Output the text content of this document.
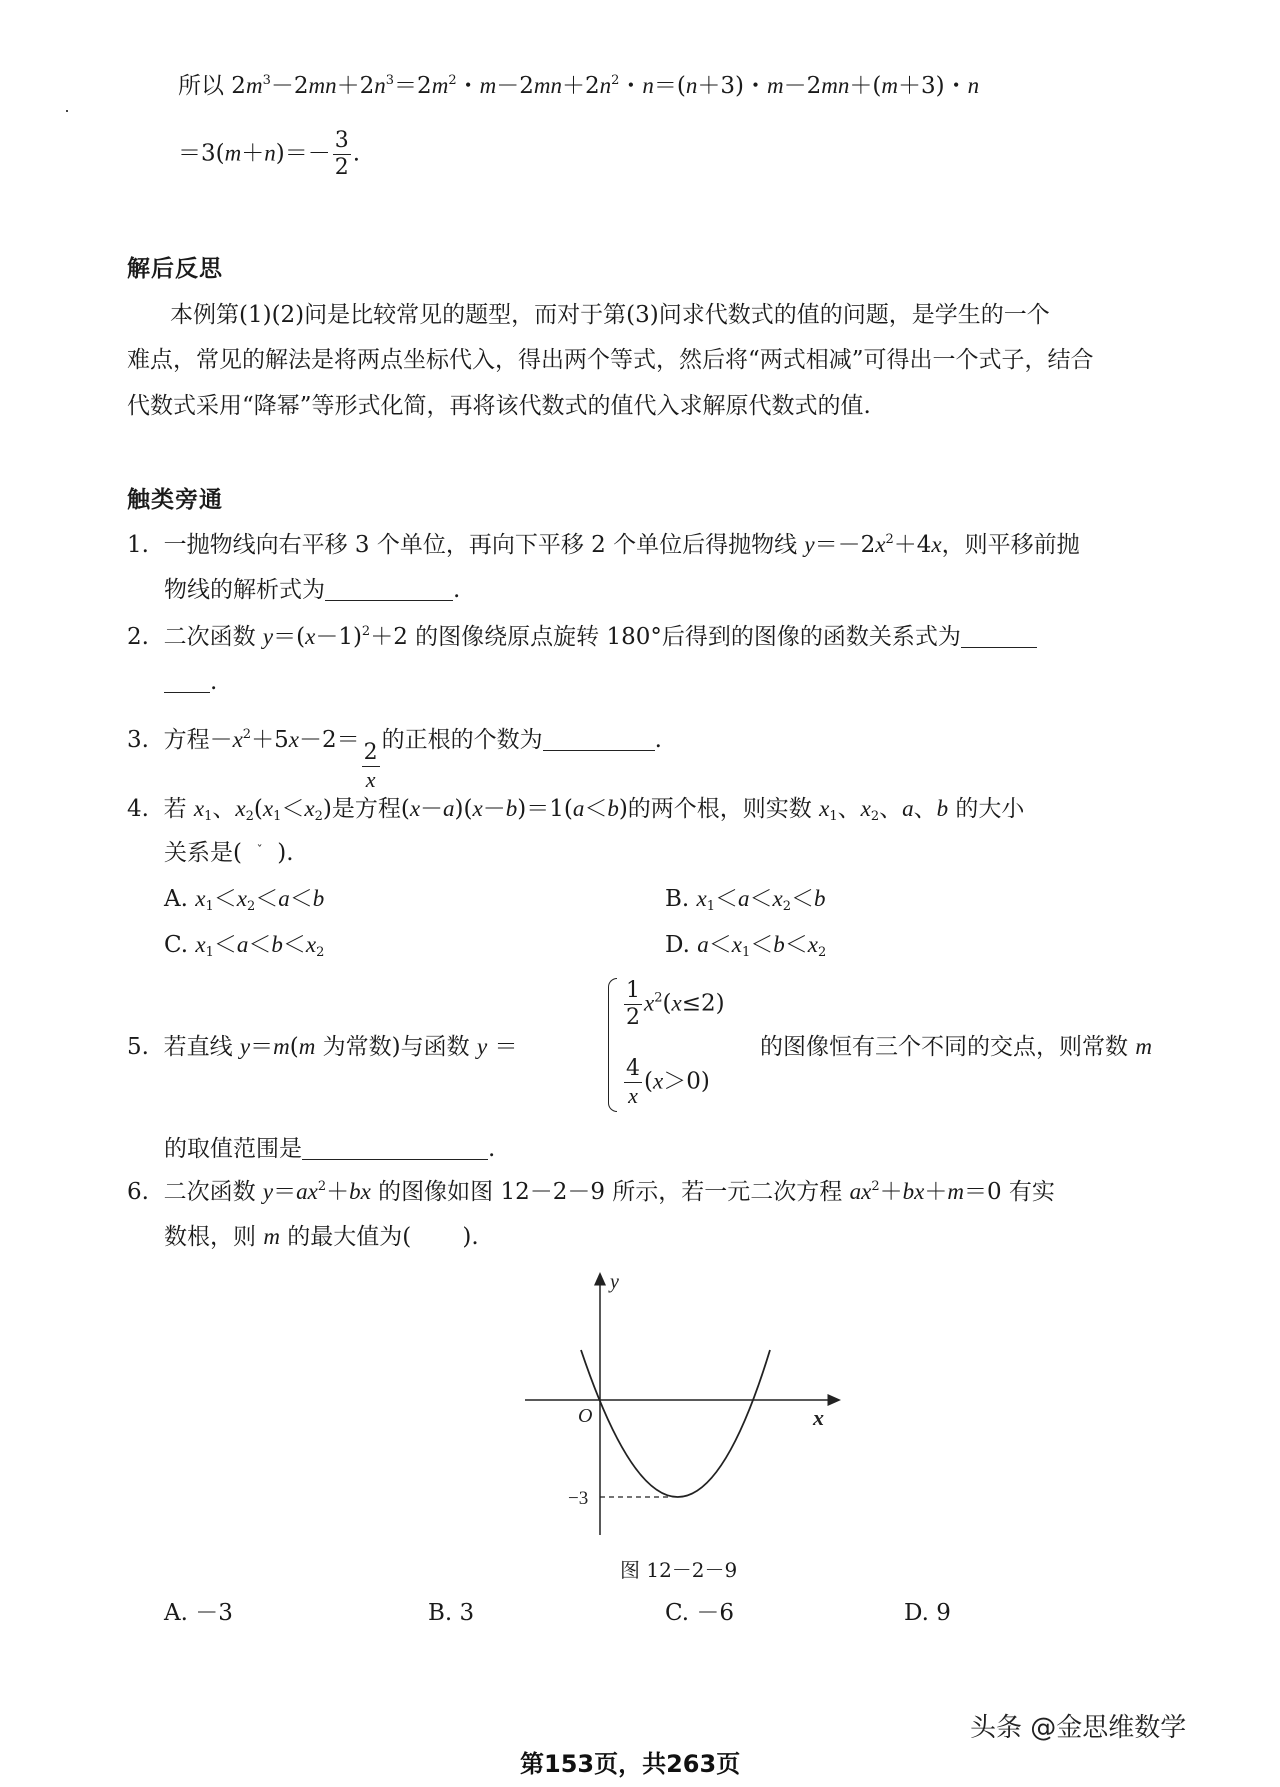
所以 $2m^3-2mn+2n^3=2m^2$・$m-2mn+2n^2$・n＝(n＋3)・m－2mn＋(m＋3)・n
$=3(m+n)=- \frac{3}{2}$ .
解后反思
本例第(1)(2)问是比较常见的题型，而对于第(3)问求代数式的值的问题，是学生的一个
难点，常见的解法是将两点坐标代入，得出两个等式，然后将“两式相减”可得出一个式子，结合
代数式采用“降幂”等形式化简，再将该代数式的值代入求解原代数式的值.
触类旁通
1. 一抛物线向右平移 3 个单位，再向下平移 2 个单位后得抛物线 $y=-2x^2+4x$，则平移前抛
物线的解析式为	.
2. 二次函数 $y=(x-1)^2+2$ 的图像绕原点旋转 180°后得到的图像的函数关系式为
.
3. 方程$-x^2+5x-2=$
$\frac{2}{x}$
的正根的个数为	.
4. 若 $x_1$、$x_2(x_1<x_2)$是方程(x－a)(x－b)＝1(a＜b)的两个根，则实数 $x_1$、$x_2$、a、b 的大小
关系是( $^ˇ$ ).
A. $x_1<x_2<a<b$	B. $x_1<a<x_2<b$
C. $x_1<a<b<x_2$	D. $a<x_1<b<x_2$
5. 若直线 y＝m(m 为常数)与函数 y ＝
$\frac{1}{2} x^2(x\le 2)$
$\frac{4}{x} (x>0)$
的图像恒有三个不同的交点，则常数 m
的取值范围是	.
6. 二次函数 $y=ax^2+bx$ 的图像如图 12－2－9 所示，若一元二次方程 $ax^2+bx+m=0$ 有实
数根，则 m 的最大值为( ).
y
x
O
−3
图 12－2－9
A. －3	B. 3	C. －6	D. 9
头条 @金思维数学
第153页，共263页
